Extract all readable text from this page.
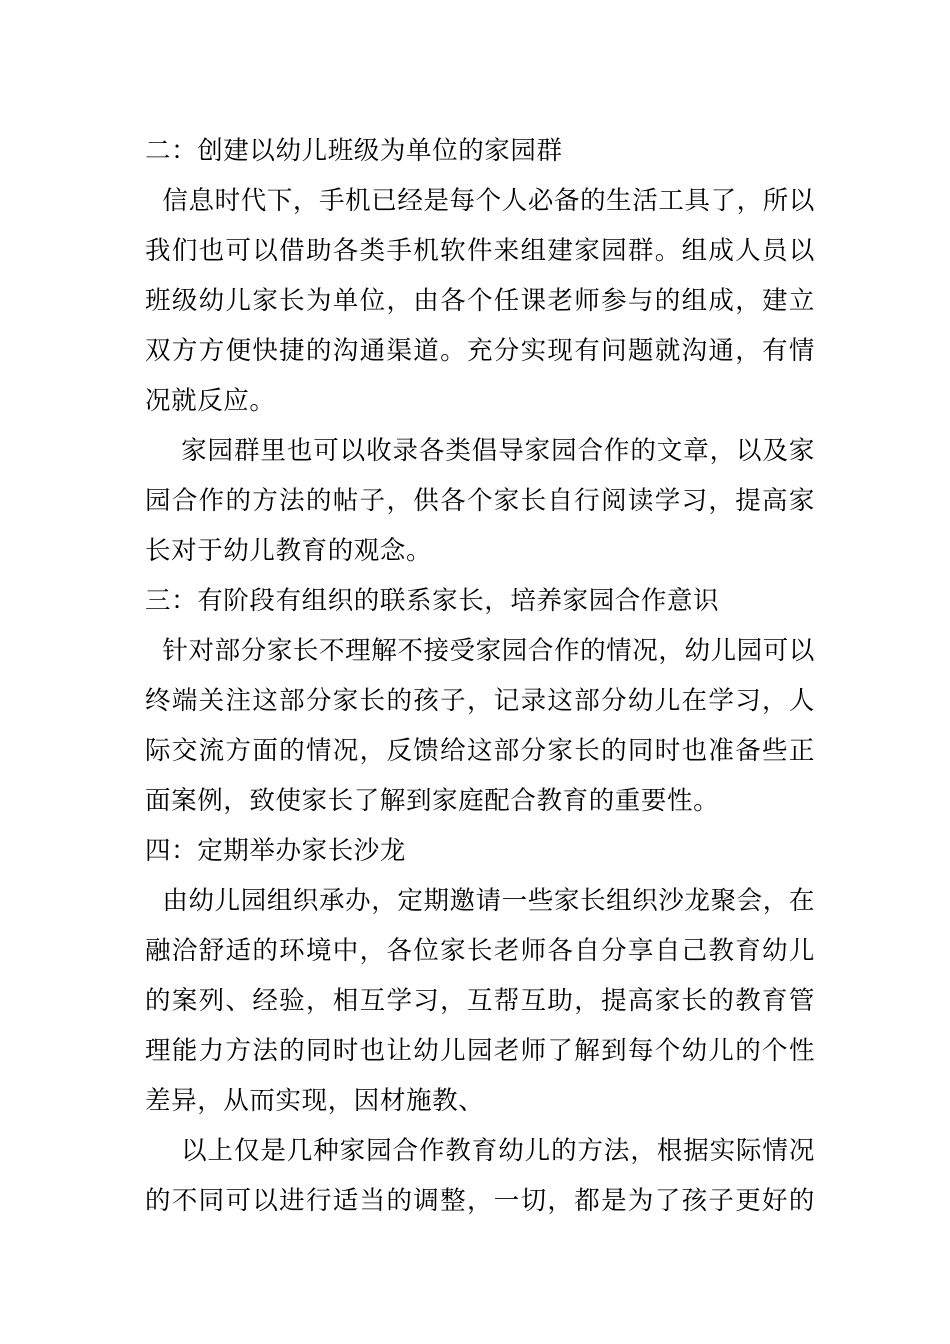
二：创建以幼儿班级为单位的家园群
信息时代下，手机已经是每个人必备的生活工具了，所以
我们也可以借助各类手机软件来组建家园群。组成人员以
班级幼儿家长为单位，由各个任课老师参与的组成，建立
双方方便快捷的沟通渠道。充分实现有问题就沟通，有情
况就反应。
家园群里也可以收录各类倡导家园合作的文章，以及家
园合作的方法的帖子，供各个家长自行阅读学习，提高家
长对于幼儿教育的观念。
三：有阶段有组织的联系家长，培养家园合作意识
针对部分家长不理解不接受家园合作的情况，幼儿园可以
终端关注这部分家长的孩子，记录这部分幼儿在学习，人
际交流方面的情况，反馈给这部分家长的同时也准备些正
面案例，致使家长了解到家庭配合教育的重要性。
四：定期举办家长沙龙
由幼儿园组织承办，定期邀请一些家长组织沙龙聚会，在
融洽舒适的环境中，各位家长老师各自分享自己教育幼儿
的案列、经验，相互学习，互帮互助，提高家长的教育管
理能力方法的同时也让幼儿园老师了解到每个幼儿的个性
差异，从而实现，因材施教、
以上仅是几种家园合作教育幼儿的方法，根据实际情况
的不同可以进行适当的调整，一切，都是为了孩子更好的
